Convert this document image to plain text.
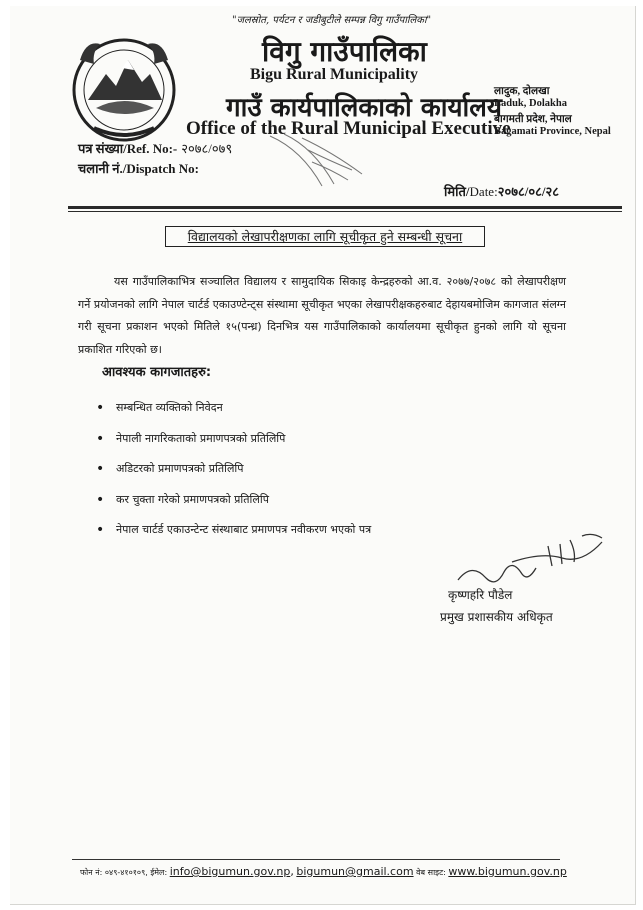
"जलस्रोत, पर्यटन र जडीबुटीले सम्पन्न विगु गाउँपालिका"
विगु गाउँपालिका
Bigu Rural Municipality
गाउँ कार्यपालिकाको कार्यालय
Office of the Rural Municipal Executive
लादुक, दोलखा
Laduk, Dolakha
बागमती प्रदेश, नेपाल
Bagamati Province, Nepal
पत्र संख्या/Ref. No:- २०७८/०७९
चलानी नं./Dispatch No:
मिति/Date:२०७८/०८/२८
विद्यालयको लेखापरीक्षणका लागि सूचीकृत हुने सम्बन्धी सूचना
यस गाउँपालिकाभित्र सञ्चालित विद्यालय र सामुदायिक सिकाइ केन्द्रहरुको आ.व. २०७७/२०७८ को लेखापरीक्षण गर्ने प्रयोजनको लागि नेपाल चार्टर्ड एकाउण्टेन्ट्स संस्थामा सूचीकृत भएका लेखापरीक्षकहरुबाट देहायबमोजिम कागजात संलग्न गरी सूचना प्रकाशन भएको मितिले १५(पन्ध्र) दिनभित्र यस गाउँपालिकाको कार्यालयमा सूचीकृत हुनको लागि यो सूचना प्रकाशित गरिएको छ।
आवश्यक कागजातहरु:
• सम्बन्धित व्यक्तिको निवेदन
• नेपाली नागरिकताको प्रमाणपत्रको प्रतिलिपि
• अडिटरको प्रमाणपत्रको प्रतिलिपि
• कर चुक्ता गरेको प्रमाणपत्रको प्रतिलिपि
• नेपाल चार्टर्ड एकाउन्टेन्ट संस्थाबाट प्रमाणपत्र नवीकरण भएको पत्र
कृष्णहरि पौडेल
प्रमुख प्रशासकीय अधिकृत
फोन नं: ०४९-४१०१०९, ईमेल: info@bigumun.gov.np, bigumun@gmail.com वेब साइट: www.bigumun.gov.np
